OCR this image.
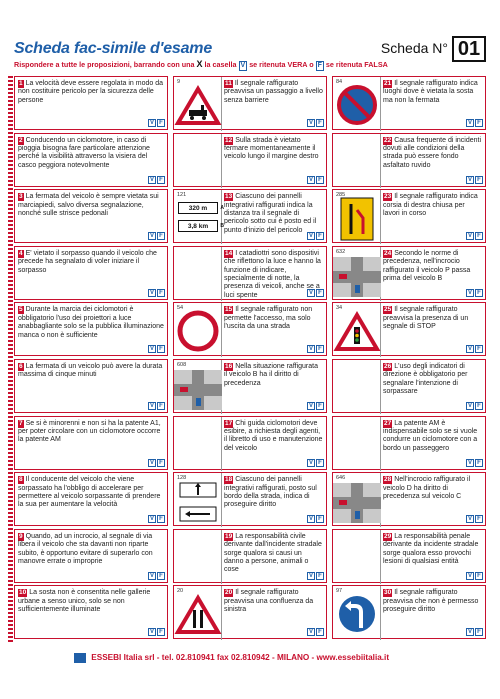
Scheda fac-simile d'esame	Scheda N° 01
Rispondere a tutte le proposizioni, barrando con una X la casella V se ritenuta VERA o F se ritenuta FALSA
1 La velocità deve essere regolata in modo da non costituire pericolo per la sicurezza delle persone
V F
2 Conducendo un ciclomotore, in caso di pioggia bisogna fare particolare attenzione perché la visibilità attraverso la visiera del casco peggiora notevolmente
V F
3 La fermata del veicolo è sempre vietata sui marciapiedi, salvo diversa segnalazione, nonché sulle strisce pedonali
V F
4 E' vietato il sorpasso quando il veicolo che precede ha segnalato di voler iniziare il sorpasso
V F
5 Durante la marcia dei ciclomotori è obbligatorio l'uso dei proiettori a luce anabbagliante solo se la pubblica illuminazione manca o non è sufficiente
V F
6 La fermata di un veicolo può avere la durata massima di cinque minuti
V F
7 Se si è minorenni e non si ha la patente A1, per poter circolare con un ciclomotore occorre la patente AM
V F
8 Il conducente del veicolo che viene sorpassato ha l'obbligo di accelerare per permettere al veicolo sorpassante di prendere la sua per aumentare la velocità
V F
9 Quando, ad un incrocio, al segnale di via libera il veicolo che sta davanti non riparte subito, è opportuno evitare di superarlo con manovre errate o improprie
V F
10 La sosta non è consentita nelle gallerie urbane a senso unico, solo se non sufficientemente illuminate
V F
9	11 Il segnale raffigurato preavvisa un passaggio a livello senza barriere
V F
12 Sulla strada è vietato fermare momentaneamente il veicolo lungo il margine destro
V F
121
320 m	A
3,8 km B
13 Ciascuno dei pannelli integrativi raffigurati indica la distanza tra il segnale di pericolo sotto cui è posto ed il punto d'inizio del pericolo
V F
14 I catadiottri sono dispositivi che riflettono la luce e hanno la funzione di indicare, specialmente di notte, la presenza di veicoli, anche se a luci spente	V F
54	15 Il segnale raffigurato non permette l'accesso, ma solo l'uscita da una strada
V F
608	16 Nella situazione raffigurata il veicolo B ha il diritto di precedenza
V F
17 Chi guida ciclomotori deve esibire, a richiesta degli agenti, il libretto di uso e manutenzione del veicolo
V F
128	18 Ciascuno dei pannelli integrativi raffigurati, posto sul bordo della strada, indica di proseguire diritto
V F
19 La responsabilità civile derivante dall'incidente stradale sorge qualora si causi un danno a persone, animali o cose
V F
20	20 Il segnale raffigurato preavvisa una confluenza da sinistra
V F
84	21 Il segnale raffigurato indica luoghi dove è vietata la sosta ma non la fermata
V F
22 Causa frequente di incidenti dovuti alle condizioni della strada può essere fondo asfaltato ruvido
V F
285	23 Il segnale raffigurato indica corsia di destra chiusa per lavori in corso
V F
632	24 Secondo le norme di precedenza, nell'incrocio raffigurato il veicolo P passa prima del veicolo B
V F
34	25 Il segnale raffigurato preavvisa la presenza di un segnale di STOP
V F
26 L'uso degli indicatori di direzione è obbligatorio per segnalare l'intenzione di sorpassare
V F
27 La patente AM è indispensabile solo se si vuole condurre un ciclomotore con a bordo un passeggero
V F
646	28 Nell'incrocio raffigurato il veicolo D ha diritto di precedenza sul veicolo C
V F
29 La responsabilità penale derivante da incidente stradale sorge qualora esso provochi lesioni di qualsiasi entità
V F
97	30 Il segnale raffigurato preavvisa che non è permesso proseguire diritto
V F
ESSEBI Italia srl - tel. 02.810941 fax 02.810942 - MILANO - www.essebiitalia.it
